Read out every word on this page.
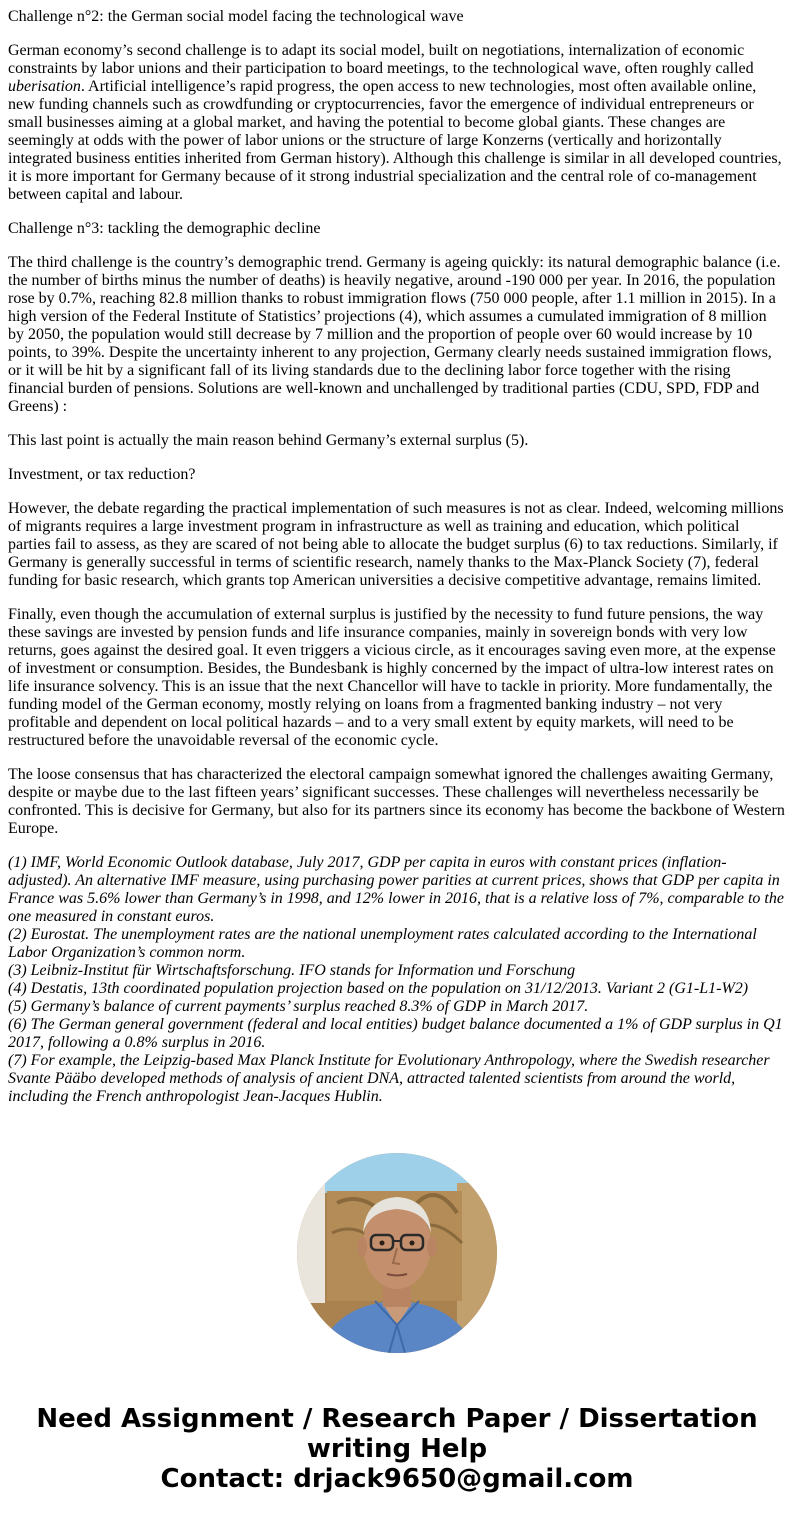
Challenge n°2: the German social model facing the technological wave

German economy’s second challenge is to adapt its social model, built on negotiations, internalization of economic constraints by labor unions and their participation to board meetings, to the technological wave, often roughly called uberisation. Artificial intelligence’s rapid progress, the open access to new technologies, most often available online, new funding channels such as crowdfunding or cryptocurrencies, favor the emergence of individual entrepreneurs or small businesses aiming at a global market, and having the potential to become global giants. These changes are seemingly at odds with the power of labor unions or the structure of large Konzerns (vertically and horizontally integrated business entities inherited from German history). Although this challenge is similar in all developed countries, it is more important for Germany because of it strong industrial specialization and the central role of co-management between capital and labour.

Challenge n°3: tackling the demographic decline

The third challenge is the country’s demographic trend. Germany is ageing quickly: its natural demographic balance (i.e. the number of births minus the number of deaths) is heavily negative, around -190 000 per year. In 2016, the population rose by 0.7%, reaching 82.8 million thanks to robust immigration flows (750 000 people, after 1.1 million in 2015). In a high version of the Federal Institute of Statistics’ projections (4), which assumes a cumulated immigration of 8 million by 2050, the population would still decrease by 7 million and the proportion of people over 60 would increase by 10 points, to 39%. Despite the uncertainty inherent to any projection, Germany clearly needs sustained immigration flows, or it will be hit by a significant fall of its living standards due to the declining labor force together with the rising financial burden of pensions. Solutions are well-known and unchallenged by traditional parties (CDU, SPD, FDP and Greens) :

This last point is actually the main reason behind Germany’s external surplus (5).

Investment, or tax reduction?

However, the debate regarding the practical implementation of such measures is not as clear. Indeed, welcoming millions of migrants requires a large investment program in infrastructure as well as training and education, which political parties fail to assess, as they are scared of not being able to allocate the budget surplus (6) to tax reductions. Similarly, if Germany is generally successful in terms of scientific research, namely thanks to the Max-Planck Society (7), federal funding for basic research, which grants top American universities a decisive competitive advantage, remains limited.

Finally, even though the accumulation of external surplus is justified by the necessity to fund future pensions, the way these savings are invested by pension funds and life insurance companies, mainly in sovereign bonds with very low returns, goes against the desired goal. It even triggers a vicious circle, as it encourages saving even more, at the expense of investment or consumption. Besides, the Bundesbank is highly concerned by the impact of ultra-low interest rates on life insurance solvency. This is an issue that the next Chancellor will have to tackle in priority. More fundamentally, the funding model of the German economy, mostly relying on loans from a fragmented banking industry – not very profitable and dependent on local political hazards – and to a very small extent by equity markets, will need to be restructured before the unavoidable reversal of the economic cycle.

The loose consensus that has characterized the electoral campaign somewhat ignored the challenges awaiting Germany, despite or maybe due to the last fifteen years’ significant successes. These challenges will nevertheless necessarily be confronted. This is decisive for Germany, but also for its partners since its economy has become the backbone of Western Europe.

(1) IMF, World Economic Outlook database, July 2017, GDP per capita in euros with constant prices (inflation-adjusted). An alternative IMF measure, using purchasing power parities at current prices, shows that GDP per capita in France was 5.6% lower than Germany’s in 1998, and 12% lower in 2016, that is a relative loss of 7%, comparable to the one measured in constant euros.
(2) Eurostat. The unemployment rates are the national unemployment rates calculated according to the International Labor Organization’s common norm.
(3) Leibniz-Institut für Wirtschaftsforschung. IFO stands for Information und Forschung
(4) Destatis, 13th coordinated population projection based on the population on 31/12/2013. Variant 2 (G1-L1-W2)
(5) Germany’s balance of current payments’ surplus reached 8.3% of GDP in March 2017.
(6) The German general government (federal and local entities) budget balance documented a 1% of GDP surplus in Q1 2017, following a 0.8% surplus in 2016.
(7) For example, the Leipzig-based Max Planck Institute for Evolutionary Anthropology, where the Swedish researcher Svante Pääbo developed methods of analysis of ancient DNA, attracted talented scientists from around the world, including the French anthropologist Jean-Jacques Hublin.
Need Assignment / Research Paper / Dissertation
writing Help
Contact: drjack9650@gmail.com
